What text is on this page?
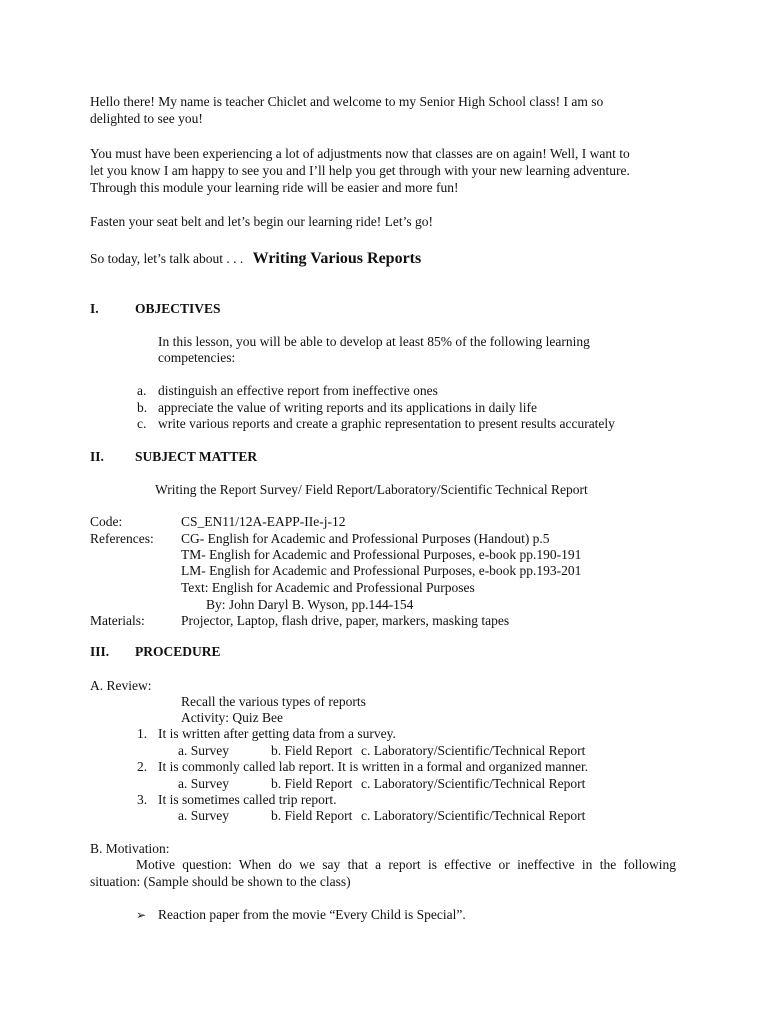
Hello there! My name is teacher Chiclet and welcome to my Senior High School class! I am so
delighted to see you!
You must have been experiencing a lot of adjustments now that classes are on again! Well, I want to
let you know I am happy to see you and I’ll help you get through with your new learning adventure.
Through this module your learning ride will be easier and more fun!
Fasten your seat belt and let’s begin our learning ride! Let’s go!
So today, let’s talk about . . . Writing Various Reports
I.	OBJECTIVES
In this lesson, you will be able to develop at least 85% of the following learning
competencies:
a. distinguish an effective report from ineffective ones
b. appreciate the value of writing reports and its applications in daily life
c. write various reports and create a graphic representation to present results accurately
II. SUBJECT MATTER
Writing the Report Survey/ Field Report/Laboratory/Scientific Technical Report
Code:	CS_EN11/12A-EAPP-IIe-j-12
References: CG- English for Academic and Professional Purposes (Handout) p.5
TM- English for Academic and Professional Purposes, e-book pp.190-191
LM- English for Academic and Professional Purposes, e-book pp.193-201
Text: English for Academic and Professional Purposes
By: John Daryl B. Wyson, pp.144-154
Materials:	Projector, Laptop, flash drive, paper, markers, masking tapes
III. PROCEDURE
A. Review:
Recall the various types of reports
Activity: Quiz Bee
1. It is written after getting data from a survey.
a. Survey	b. Field Report c. Laboratory/Scientific/Technical Report
2. It is commonly called lab report. It is written in a formal and organized manner.
a. Survey	b. Field Report c. Laboratory/Scientific/Technical Report
3. It is sometimes called trip report.
a. Survey	b. Field Report c. Laboratory/Scientific/Technical Report
B. Motivation:
Motive question: When do we say that a report is effective or ineffective in the following
situation: (Sample should be shown to the class)
➢ Reaction paper from the movie “Every Child is Special”.
